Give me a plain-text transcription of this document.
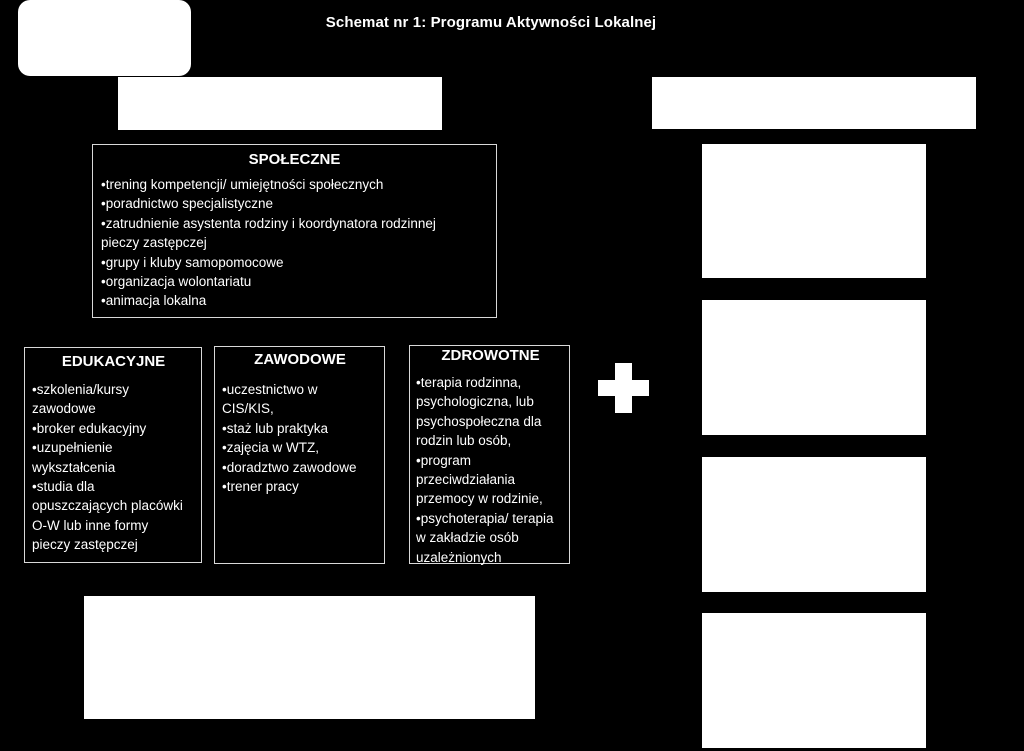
Schemat nr 1: Programu Aktywności Lokalnej
SPOŁECZNE
•trening kompetencji/ umiejętności społecznych
•poradnictwo specjalistyczne
•zatrudnienie asystenta rodziny i koordynatora rodzinnej
pieczy zastępczej
•grupy i kluby samopomocowe
•organizacja wolontariatu
•animacja lokalna
EDUKACYJNE
•szkolenia/kursy
zawodowe
•broker edukacyjny
•uzupełnienie
wykształcenia
•studia dla
opuszczających placówki
O-W lub inne formy
pieczy zastępczej
ZAWODOWE
•uczestnictwo w
CIS/KIS,
•staż lub praktyka
•zajęcia w WTZ,
•doradztwo zawodowe
•trener pracy
ZDROWOTNE
•terapia rodzinna,
psychologiczna, lub
psychospołeczna dla
rodzin lub osób,
•program
przeciwdziałania
przemocy w rodzinie,
•psychoterapia/ terapia
w zakładzie osób
uzależnionych
